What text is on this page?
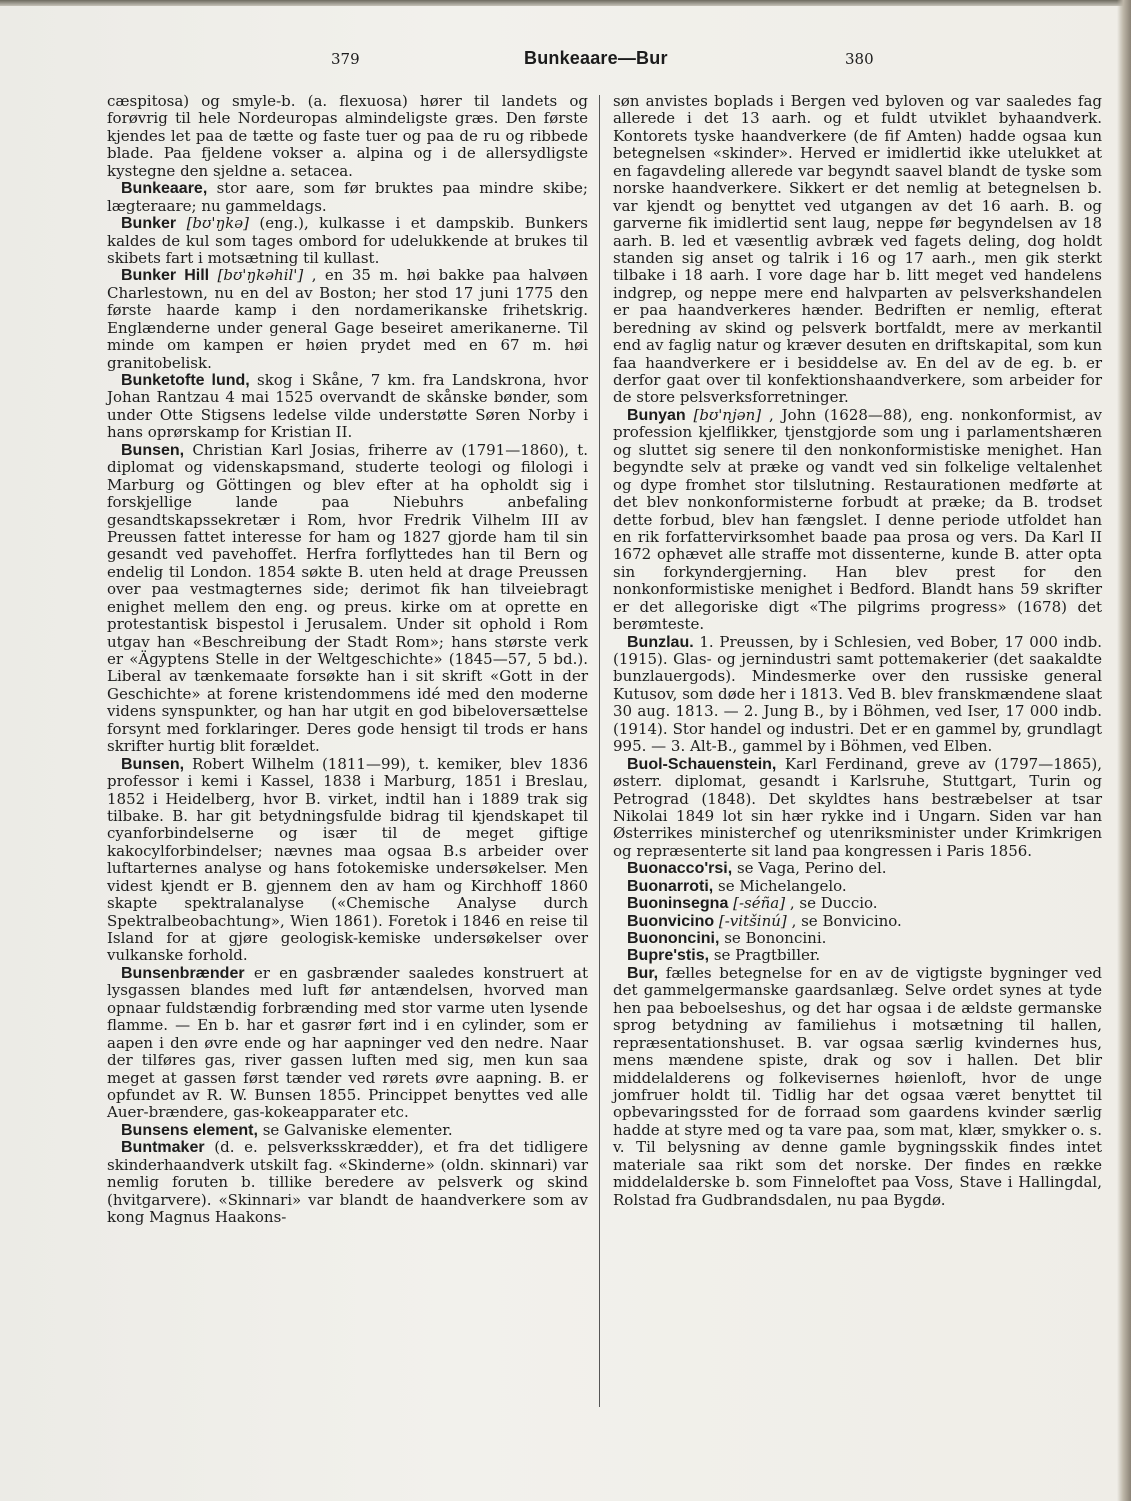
379	Bunkeaare—Bur	380

cæspitosa) og smyle-b. (a. flexuosa) hører til landets og forøvrig til hele Nordeuropas almindeligste græs. Den første kjendes let paa de tætte og faste tuer og paa de ru og ribbede blade. Paa fjeldene vokser a. alpina og i de allersydligste kystegne den sjeldne a. setacea.

Bunkeaare, stor aare, som før bruktes paa mindre skibe; lægteraare; nu gammeldags.

Bunker [bʊ'ŋkə] (eng.), kulkasse i et dampskib. Bunkers kaldes de kul som tages ombord for udelukkende at brukes til skibets fart i motsætning til kullast.

Bunker Hill [bʊ'ŋkəhil'] , en 35 m. høi bakke paa halvøen Charlestown, nu en del av Boston; her stod 17 juni 1775 den første haarde kamp i den nordamerikanske frihetskrig. Englænderne under general Gage beseiret amerikanerne. Til minde om kampen er høien prydet med en 67 m. høi granitobelisk.

Bunketofte lund, skog i Skåne, 7 km. fra Landskrona, hvor Johan Rantzau 4 mai 1525 overvandt de skånske bønder, som under Otte Stigsens ledelse vilde understøtte Søren Norby i hans oprørskamp for Kristian II.

Bunsen, Christian Karl Josias, friherre av (1791—1860), t. diplomat og videnskapsmand, studerte teologi og filologi i Marburg og Göttingen og blev efter at ha opholdt sig i forskjellige lande paa Niebuhrs anbefaling gesandtskapssekretær i Rom, hvor Fredrik Vilhelm III av Preussen fattet interesse for ham og 1827 gjorde ham til sin gesandt ved pavehoffet. Herfra forflyttedes han til Bern og endelig til London. 1854 søkte B. uten held at drage Preussen over paa vestmagternes side; derimot fik han tilveiebragt enighet mellem den eng. og preus. kirke om at oprette en protestantisk bispestol i Jerusalem. Under sit ophold i Rom utgav han «Beschreibung der Stadt Rom»; hans største verk er «Ägyptens Stelle in der Weltgeschichte» (1845—57, 5 bd.). Liberal av tænkemaate forsøkte han i sit skrift «Gott in der Geschichte» at forene kristendommens idé med den moderne videns synspunkter, og han har utgit en god bibeloversættelse forsynt med forklaringer. Deres gode hensigt til trods er hans skrifter hurtig blit forældet.

Bunsen, Robert Wilhelm (1811—99), t. kemiker, blev 1836 professor i kemi i Kassel, 1838 i Marburg, 1851 i Breslau, 1852 i Heidelberg, hvor B. virket, indtil han i 1889 trak sig tilbake. B. har git betydningsfulde bidrag til kjendskapet til cyanforbindelserne og især til de meget giftige kakocylforbindelser; nævnes maa ogsaa B.s arbeider over luftarternes analyse og hans fotokemiske undersøkelser. Men videst kjendt er B. gjennem den av ham og Kirchhoff 1860 skapte spektralanalyse («Chemische Analyse durch Spektralbeobachtung», Wien 1861). Foretok i 1846 en reise til Island for at gjøre geologisk-kemiske undersøkelser over vulkanske forhold.

Bunsenbrænder er en gasbrænder saaledes konstruert at lysgassen blandes med luft før antændelsen, hvorved man opnaar fuldstændig forbrænding med stor varme uten lysende flamme. — En b. har et gasrør ført ind i en cylinder, som er aapen i den øvre ende og har aapninger ved den nedre. Naar der tilføres gas, river gassen luften med sig, men kun saa meget at gassen først tænder ved rørets øvre aapning. B. er opfundet av R. W. Bunsen 1855. Princippet benyttes ved alle Auer-brændere, gas-kokeapparater etc.

Bunsens element, se Galvaniske elementer.

Buntmaker (d. e. pelsverksskrædder), et fra det tidligere skinderhaandverk utskilt fag. «Skinderne» (oldn. skinnari) var nemlig foruten b. tillike beredere av pelsverk og skind (hvitgarvere). «Skinnari» var blandt de haandverkere som av kong Magnus Haakons-

søn anvistes boplads i Bergen ved byloven og var saaledes fag allerede i det 13 aarh. og et fuldt utviklet byhaandverk. Kontorets tyske haandverkere (de fif Amten) hadde ogsaa kun betegnelsen «skinder». Herved er imidlertid ikke utelukket at en fagavdeling allerede var begyndt saavel blandt de tyske som norske haandverkere. Sikkert er det nemlig at betegnelsen b. var kjendt og benyttet ved utgangen av det 16 aarh. B. og garverne fik imidlertid sent laug, neppe før begyndelsen av 18 aarh. B. led et væsentlig avbræk ved fagets deling, dog holdt standen sig anset og talrik i 16 og 17 aarh., men gik sterkt tilbake i 18 aarh. I vore dage har b. litt meget ved handelens indgrep, og neppe mere end halvparten av pelsverkshandelen er paa haandverkeres hænder. Bedriften er nemlig, efterat beredning av skind og pelsverk bortfaldt, mere av merkantil end av faglig natur og kræver desuten en driftskapital, som kun faa haandverkere er i besiddelse av. En del av de eg. b. er derfor gaat over til konfektionshaandverkere, som arbeider for de store pelsverksforretninger.

Bunyan [bʊ'njən] , John (1628—88), eng. nonkonformist, av profession kjelflikker, tjenstgjorde som ung i parlamentshæren og sluttet sig senere til den nonkonformistiske menighet. Han begyndte selv at præke og vandt ved sin folkelige veltalenhet og dype fromhet stor tilslutning. Restaurationen medførte at det blev nonkonformisterne forbudt at præke; da B. trodset dette forbud, blev han fængslet. I denne periode utfoldet han en rik forfattervirksomhet baade paa prosa og vers. Da Karl II 1672 ophævet alle straffe mot dissenterne, kunde B. atter opta sin forkyndergjerning. Han blev prest for den nonkonformistiske menighet i Bedford. Blandt hans 59 skrifter er det allegoriske digt «The pilgrims progress» (1678) det berømteste.

Bunzlau. 1. Preussen, by i Schlesien, ved Bober, 17 000 indb. (1915). Glas- og jernindustri samt pottemakerier (det saakaldte bunzlauergods). Mindesmerke over den russiske general Kutusov, som døde her i 1813. Ved B. blev franskmændene slaat 30 aug. 1813. — 2. Jung B., by i Böhmen, ved Iser, 17 000 indb. (1914). Stor handel og industri. Det er en gammel by, grundlagt 995. — 3. Alt-B., gammel by i Böhmen, ved Elben.

Buol-Schauenstein, Karl Ferdinand, greve av (1797—1865), østerr. diplomat, gesandt i Karlsruhe, Stuttgart, Turin og Petrograd (1848). Det skyldtes hans bestræbelser at tsar Nikolai 1849 lot sin hær rykke ind i Ungarn. Siden var han Østerrikes ministerchef og utenriksminister under Krimkrigen og repræsenterte sit land paa kongressen i Paris 1856.

Buonacco'rsi, se Vaga, Perino del.

Buonarroti, se Michelangelo.

Buoninsegna [-séña] , se Duccio.

Buonvicino [-vitšinú] , se Bonvicino.

Buononcini, se Bononcini.

Bupre'stis, se Pragtbiller.

Bur, fælles betegnelse for en av de vigtigste bygninger ved det gammelgermanske gaardsanlæg. Selve ordet synes at tyde hen paa beboelseshus, og det har ogsaa i de ældste germanske sprog betydning av familiehus i motsætning til hallen, repræsentationshuset. B. var ogsaa særlig kvindernes hus, mens mændene spiste, drak og sov i hallen. Det blir middelalderens og folkevisernes høienloft, hvor de unge jomfruer holdt til. Tidlig har det ogsaa været benyttet til opbevaringssted for de forraad som gaardens kvinder særlig hadde at styre med og ta vare paa, som mat, klær, smykker o. s. v. Til belysning av denne gamle bygningsskik findes intet materiale saa rikt som det norske. Der findes en række middelalderske b. som Finneloftet paa Voss, Stave i Hallingdal, Rolstad fra Gudbrandsdalen, nu paa Bygdø.
